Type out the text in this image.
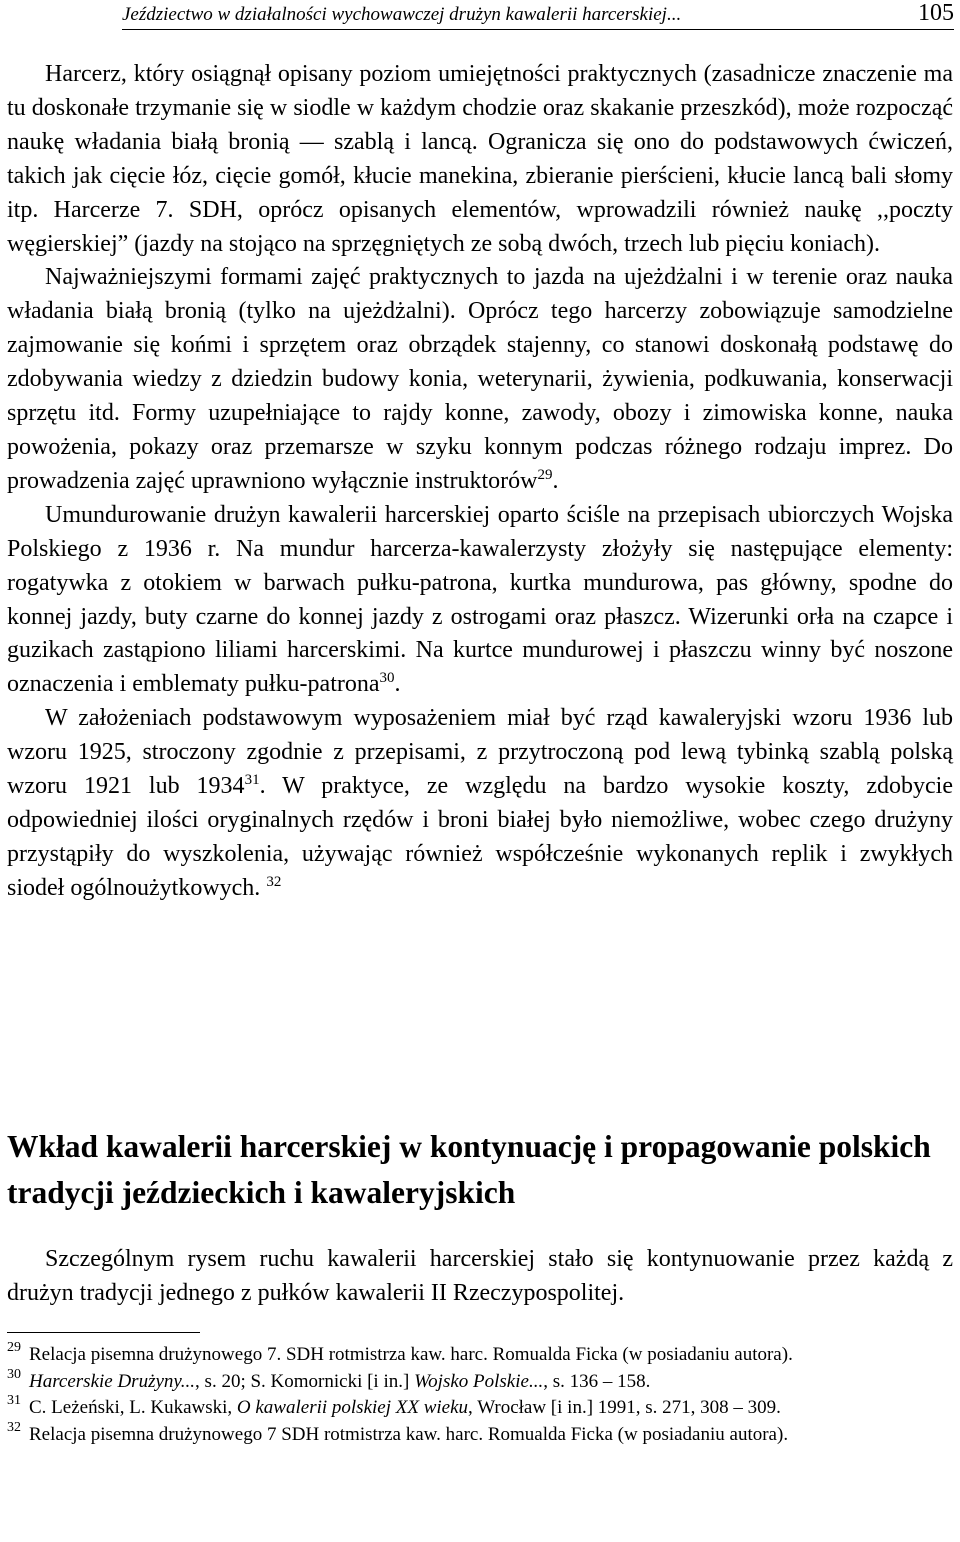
Jeździectwo w działalności wychowawczej drużyn kawalerii harcerskiej...	105

Harcerz, który osiągnął opisany poziom umiejętności praktycznych (zasadnicze znaczenie ma tu doskonałe trzymanie się w siodle w każdym chodzie oraz skakanie przeszkód), może rozpocząć naukę władania białą bronią — szablą i lancą. Ogranicza się ono do podstawowych ćwiczeń, takich jak cięcie łóz, cięcie gomół, kłucie manekina, zbieranie pierścieni, kłucie lancą bali słomy itp. Harcerze 7. SDH, oprócz opisanych elementów, wprowadzili również naukę ,,poczty węgierskiej” (jazdy na stojąco na sprzęgniętych ze sobą dwóch, trzech lub pięciu koniach).

Najważniejszymi formami zajęć praktycznych to jazda na ujeżdżalni i w terenie oraz nauka władania białą bronią (tylko na ujeżdżalni). Oprócz tego harcerzy zobowiązuje samodzielne zajmowanie się końmi i sprzętem oraz obrządek stajenny, co stanowi doskonałą podstawę do zdobywania wiedzy z dziedzin budowy konia, weterynarii, żywienia, podkuwania, konserwacji sprzętu itd. Formy uzupełniające to rajdy konne, zawody, obozy i zimowiska konne, nauka powożenia, pokazy oraz przemarsze w szyku konnym podczas różnego rodzaju imprez. Do prowadzenia zajęć uprawniono wyłącznie instruktorów$^{29}$.

Umundurowanie drużyn kawalerii harcerskiej oparto ściśle na przepisach ubiorczych Wojska Polskiego z 1936 r. Na mundur harcerza-kawalerzysty złożyły się następujące elementy: rogatywka z otokiem w barwach pułku-patrona, kurtka mundurowa, pas główny, spodne do konnej jazdy, buty czarne do konnej jazdy z ostrogami oraz płaszcz. Wizerunki orła na czapce i guzikach zastąpiono liliami harcerskimi. Na kurtce mundurowej i płaszczu winny być noszone oznaczenia i emblematy pułku-patrona$^{30}$.

W założeniach podstawowym wyposażeniem miał być rząd kawaleryjski wzoru 1936 lub wzoru 1925, stroczony zgodnie z przepisami, z przytroczoną pod lewą tybinką szablą polską wzoru 1921 lub 1934$^{31}$. W praktyce, ze względu na bardzo wysokie koszty, zdobycie odpowiedniej ilości oryginalnych rzędów i broni białej było niemożliwe, wobec czego drużyny przystąpiły do wyszkolenia, używając również współcześnie wykonanych replik i zwykłych siodeł ogólnoużytkowych. $^{32}$

Wkład kawalerii harcerskiej w kontynuację i propagowanie polskich tradycji jeździeckich i kawaleryjskich

Szczególnym rysem ruchu kawalerii harcerskiej stało się kontynuowanie przez każdą z drużyn tradycji jednego z pułków kawalerii II Rzeczypospolitej.

29 Relacja pisemna drużynowego 7. SDH rotmistrza kaw. harc. Romualda Ficka (w posiadaniu autora).
30 Harcerskie Drużyny..., s. 20; S. Komornicki [i in.] Wojsko Polskie..., s. 136 – 158.
31 C. Leżeński, L. Kukawski, O kawalerii polskiej XX wieku, Wrocław [i in.] 1991, s. 271, 308 – 309.
32 Relacja pisemna drużynowego 7 SDH rotmistrza kaw. harc. Romualda Ficka (w posiadaniu autora).
